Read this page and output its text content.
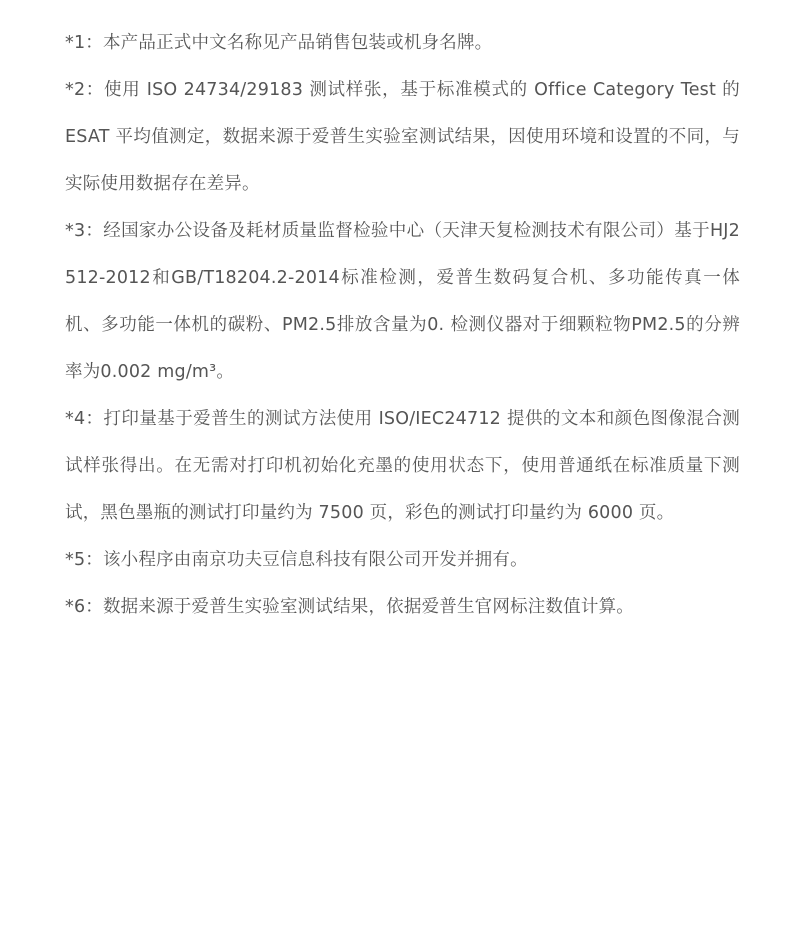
*1：本产品正式中文名称见产品销售包装或机身名牌。
*2：使用 ISO 24734/29183 测试样张，基于标准模式的 Office Category Test 的 ESAT 平均值测定，数据来源于爱普生实验室测试结果，因使用环境和设置的不同，与实际使用数据存在差异。
*3：经国家办公设备及耗材质量监督检验中心（天津天复检测技术有限公司）基于HJ2512-2012和GB/T18204.2-2014标准检测，爱普生数码复合机、多功能传真一体机、多功能一体机的碳粉、PM2.5排放含量为0. 检测仪器对于细颗粒物PM2.5的分辨率为0.002 mg/m³。
*4：打印量基于爱普生的测试方法使用 ISO/IEC24712 提供的文本和颜色图像混合测试样张得出。在无需对打印机初始化充墨的使用状态下，使用普通纸在标准质量下测试，黑色墨瓶的测试打印量约为 7500 页，彩色的测试打印量约为 6000 页。
*5：该小程序由南京功夫豆信息科技有限公司开发并拥有。
*6：数据来源于爱普生实验室测试结果，依据爱普生官网标注数值计算。
